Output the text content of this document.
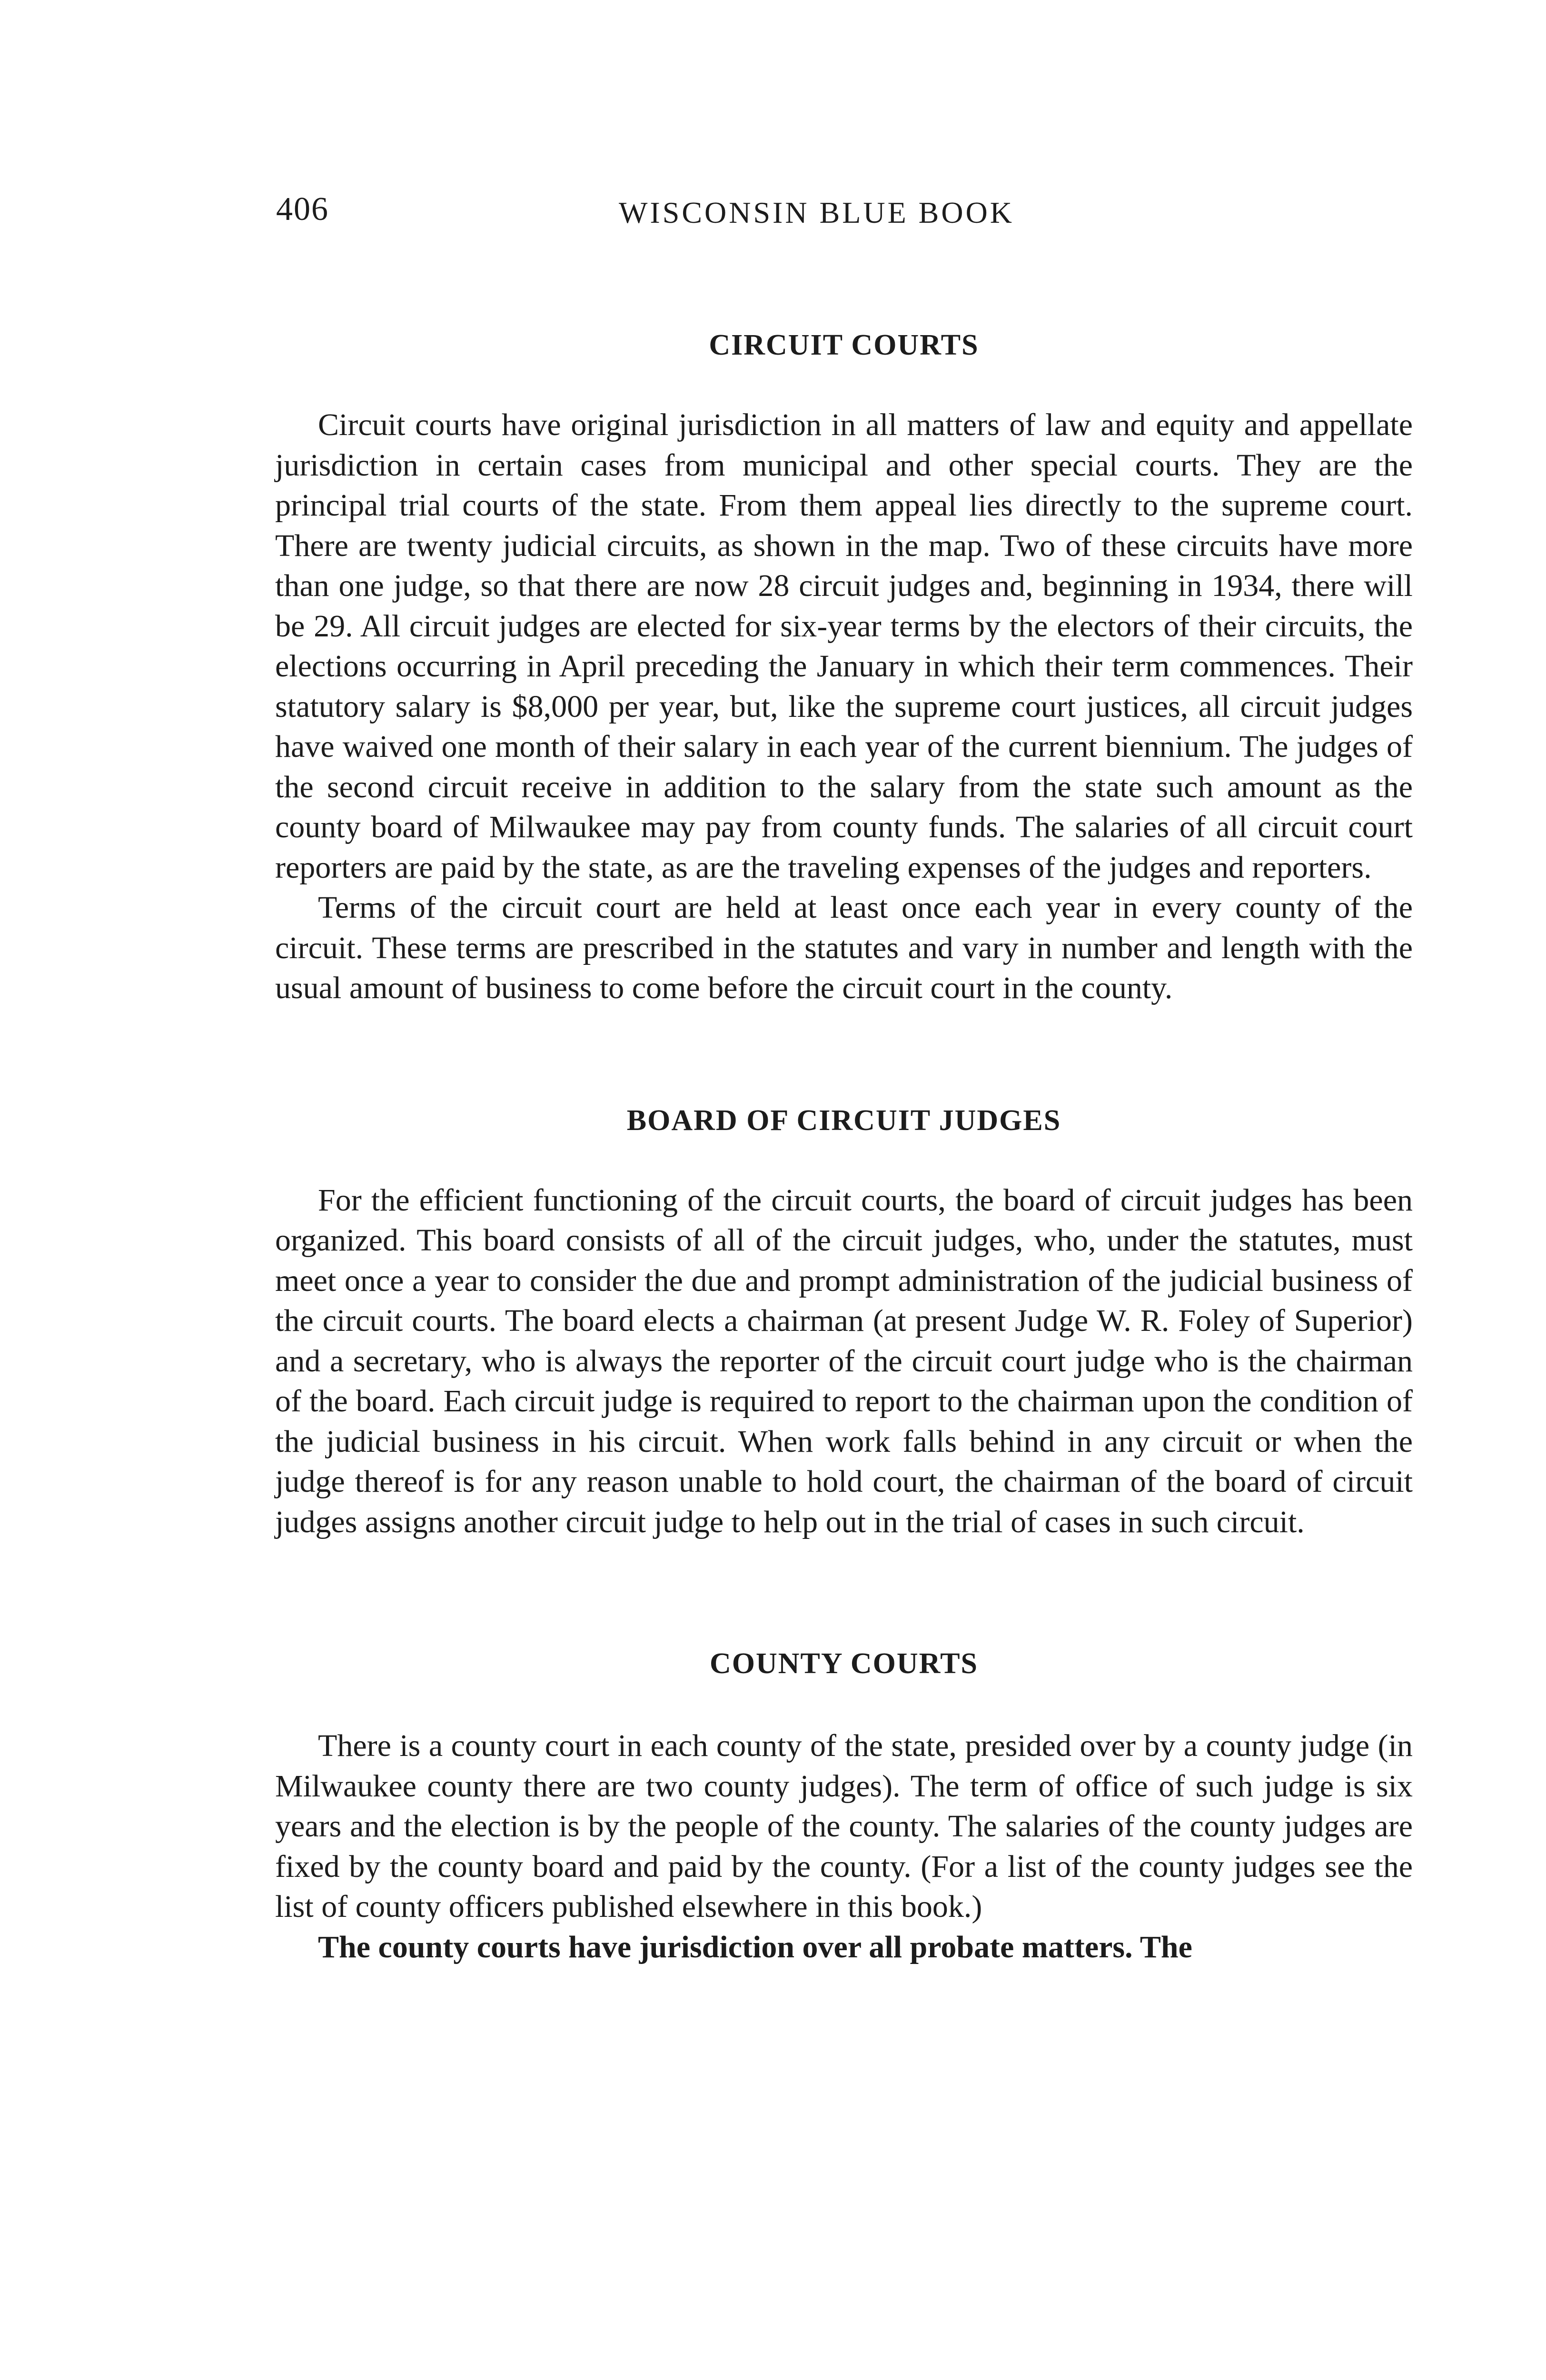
406	WISCONSIN BLUE BOOK
CIRCUIT COURTS

Circuit courts have original jurisdiction in all matters of law and equity and appellate jurisdiction in certain cases from municipal and other special courts. They are the principal trial courts of the state. From them appeal lies directly to the supreme court. There are twenty judicial circuits, as shown in the map. Two of these circuits have more than one judge, so that there are now 28 circuit judges and, beginning in 1934, there will be 29. All circuit judges are elected for six-year terms by the electors of their circuits, the elections occurring in April preceding the January in which their term commences. Their statutory salary is $8,000 per year, but, like the supreme court justices, all circuit judges have waived one month of their salary in each year of the current biennium. The judges of the second circuit receive in addition to the salary from the state such amount as the county board of Milwaukee may pay from county funds. The salaries of all circuit court reporters are paid by the state, as are the traveling expenses of the judges and reporters.

Terms of the circuit court are held at least once each year in every county of the circuit. These terms are prescribed in the statutes and vary in number and length with the usual amount of business to come before the circuit court in the county.

BOARD OF CIRCUIT JUDGES

For the efficient functioning of the circuit courts, the board of circuit judges has been organized. This board consists of all of the circuit judges, who, under the statutes, must meet once a year to consider the due and prompt administration of the judicial business of the circuit courts. The board elects a chairman (at present Judge W. R. Foley of Superior) and a secretary, who is always the reporter of the circuit court judge who is the chairman of the board. Each circuit judge is required to report to the chairman upon the condition of the judicial business in his circuit. When work falls behind in any circuit or when the judge thereof is for any reason unable to hold court, the chairman of the board of circuit judges assigns another circuit judge to help out in the trial of cases in such circuit.

COUNTY COURTS

There is a county court in each county of the state, presided over by a county judge (in Milwaukee county there are two county judges). The term of office of such judge is six years and the election is by the people of the county. The salaries of the county judges are fixed by the county board and paid by the county. (For a list of the county judges see the list of county officers published elsewhere in this book.)

The county courts have jurisdiction over all probate matters. The
